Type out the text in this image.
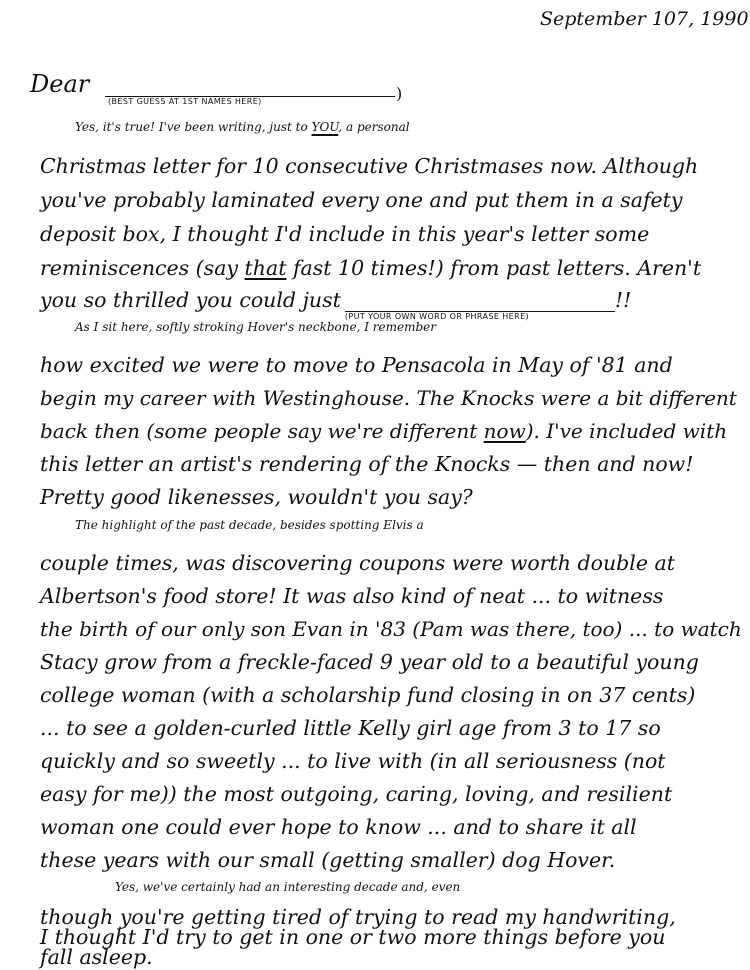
September 107, 1990
Dear
(BEST GUESS AT 1ST NAMES HERE)	)
Yes, it's true! I've been writing, just to YOU, a personal
Christmas letter for 10 consecutive Christmases now. Although
you've probably laminated every one and put them in a safety
deposit box, I thought I'd include in this year's letter some
reminiscences (say that fast 10 times!) from past letters. Aren't
you so thrilled you could just
(PUT YOUR OWN WORD OR PHRASE HERE)
!!
As I sit here, softly stroking Hover's neckbone, I remember
how excited we were to move to Pensacola in May of '81 and
begin my career with Westinghouse. The Knocks were a bit different
back then (some people say we're different now). I've included with
this letter an artist's rendering of the Knocks — then and now!
Pretty good likenesses, wouldn't you say?
The highlight of the past decade, besides spotting Elvis a
couple times, was discovering coupons were worth double at
Albertson's food store! It was also kind of neat ... to witness
the birth of our only son Evan in '83 (Pam was there, too) ... to watch
Stacy grow from a freckle-faced 9 year old to a beautiful young
college woman (with a scholarship fund closing in on 37 cents)
... to see a golden-curled little Kelly girl age from 3 to 17 so
quickly and so sweetly ... to live with (in all seriousness (not
easy for me)) the most outgoing, caring, loving, and resilient
woman one could ever hope to know ... and to share it all
these years with our small (getting smaller) dog Hover.
Yes, we've certainly had an interesting decade and, even
though you're getting tired of trying to read my handwriting,
I thought I'd try to get in one or two more things before you
fall asleep.
